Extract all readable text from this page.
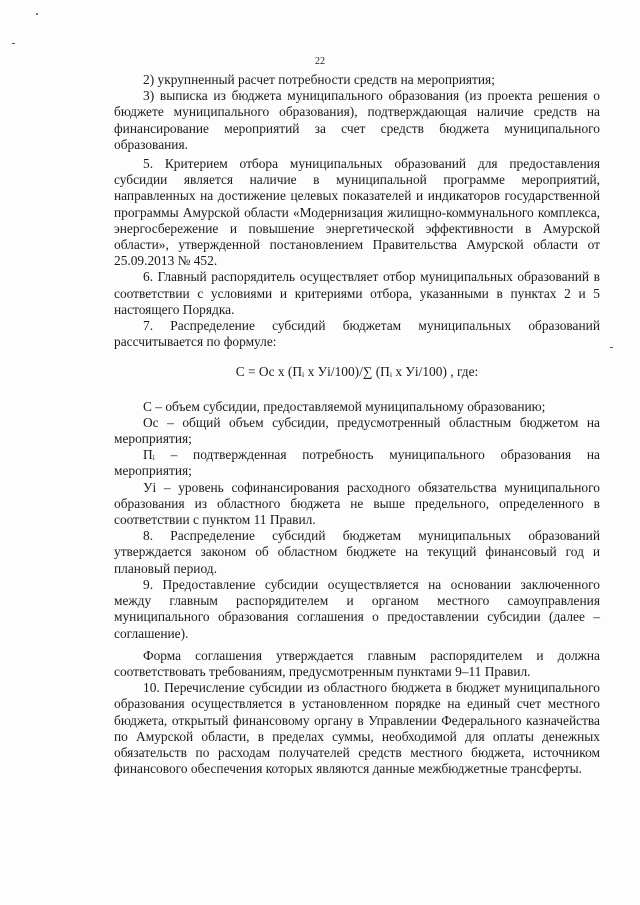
22

2) укрупненный расчет потребности средств на мероприятия;

3) выписка из бюджета муниципального образования (из проекта решения о бюджете муниципального образования), подтверждающая наличие средств на финансирование мероприятий за счет средств бюджета муниципального образования.

5. Критерием отбора муниципальных образований для предоставления субсидии является наличие в муниципальной программе мероприятий, направленных на достижение целевых показателей и индикаторов государственной программы Амурской области «Модернизация жилищно-коммунального комплекса, энергосбережение и повышение энергетической эффективности в Амурской области», утвержденной постановлением Правительства Амурской области от 25.09.2013 № 452.

6. Главный распорядитель осуществляет отбор муниципальных образований в соответствии с условиями и критериями отбора, указанными в пунктах 2 и 5 настоящего Порядка.

7. Распределение субсидий бюджетам муниципальных образований рассчитывается по формуле:

С = Ос х (Пᵢ х Уi/100)/∑ (Пᵢ х Уi/100) , где:

С – объем субсидии, предоставляемой муниципальному образованию;

Ос – общий объем субсидии, предусмотренный областным бюджетом на мероприятия;

Пᵢ – подтвержденная потребность муниципального образования на мероприятия;

Уi – уровень софинансирования расходного обязательства муниципального образования из областного бюджета не выше предельного, определенного в соответствии с пунктом 11 Правил.

8. Распределение субсидий бюджетам муниципальных образований утверждается законом об областном бюджете на текущий финансовый год и плановый период.

9. Предоставление субсидии осуществляется на основании заключенного между главным распорядителем и органом местного самоуправления муниципального образования соглашения о предоставлении субсидии (далее – соглашение).

Форма соглашения утверждается главным распорядителем и должна соответствовать требованиям, предусмотренным пунктами 9–11 Правил.

10. Перечисление субсидии из областного бюджета в бюджет муниципального образования осуществляется в установленном порядке на единый счет местного бюджета, открытый финансовому органу в Управлении Федерального казначейства по Амурской области, в пределах суммы, необходимой для оплаты денежных обязательств по расходам получателей средств местного бюджета, источником финансового обеспечения которых являются данные межбюджетные трансферты.
